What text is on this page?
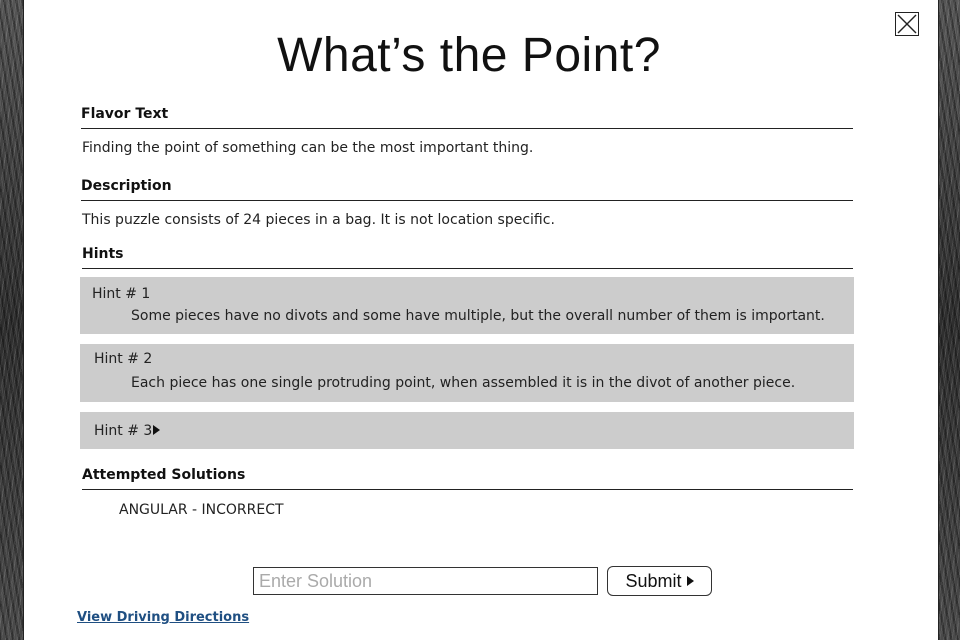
What’s the Point?
Flavor Text
Finding the point of something can be the most important thing.
Description
This puzzle consists of 24 pieces in a bag. It is not location specific.
Hints
Hint # 1
Some pieces have no divots and some have multiple, but the overall number of them is important.
Hint # 2
Each piece has one single protruding point, when assembled it is in the divot of another piece.
Hint # 3
Attempted Solutions
ANGULAR - INCORRECT
Enter Solution
Submit
View Driving Directions
